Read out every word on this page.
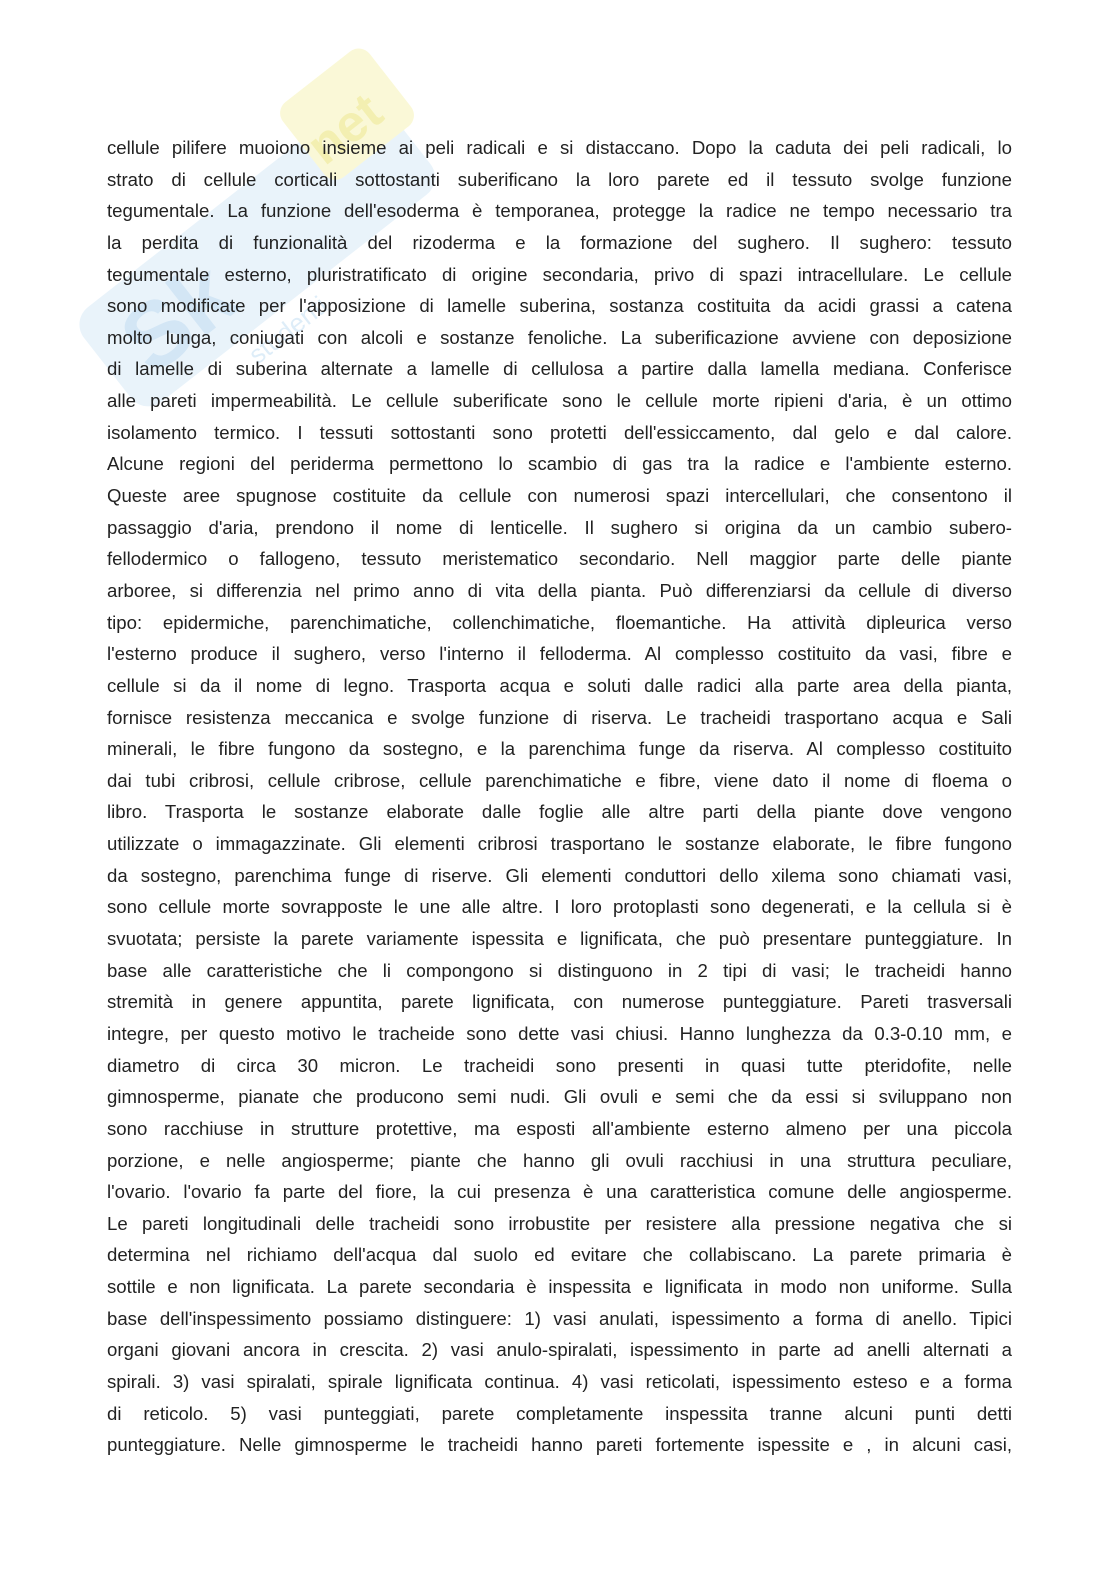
Sk
net
studenti
cellule pilifere muoiono insieme ai peli radicali e si distaccano. Dopo la caduta dei peli radicali, lo
strato di cellule corticali sottostanti suberificano la loro parete ed il tessuto svolge funzione
tegumentale. La funzione dell'esoderma è temporanea, protegge la radice ne tempo necessario tra
la perdita di funzionalità del rizoderma e la formazione del sughero. Il sughero: tessuto
tegumentale esterno, pluristratificato di origine secondaria, privo di spazi intracellulare. Le cellule
sono modificate per l'apposizione di lamelle suberina, sostanza costituita da acidi grassi a catena
molto lunga, coniugati con alcoli e sostanze fenoliche. La suberificazione avviene con deposizione
di lamelle di suberina alternate a lamelle di cellulosa a partire dalla lamella mediana. Conferisce
alle pareti impermeabilità. Le cellule suberificate sono le cellule morte ripieni d'aria, è un ottimo
isolamento termico. I tessuti sottostanti sono protetti dell'essiccamento, dal gelo e dal calore.
Alcune regioni del periderma permettono lo scambio di gas tra la radice e l'ambiente esterno.
Queste aree spugnose costituite da cellule con numerosi spazi intercellulari, che consentono il
passaggio d'aria, prendono il nome di lenticelle. Il sughero si origina da un cambio subero-
fellodermico o fallogeno, tessuto meristematico secondario. Nell maggior parte delle piante
arboree, si differenzia nel primo anno di vita della pianta. Può differenziarsi da cellule di diverso
tipo: epidermiche, parenchimatiche, collenchimatiche, floemantiche. Ha attività dipleurica verso
l'esterno produce il sughero, verso l'interno il felloderma. Al complesso costituito da vasi, fibre e
cellule si da il nome di legno. Trasporta acqua e soluti dalle radici alla parte area della pianta,
fornisce resistenza meccanica e svolge funzione di riserva. Le tracheidi trasportano acqua e Sali
minerali, le fibre fungono da sostegno, e la parenchima funge da riserva. Al complesso costituito
dai tubi cribrosi, cellule cribrose, cellule parenchimatiche e fibre, viene dato il nome di floema o
libro. Trasporta le sostanze elaborate dalle foglie alle altre parti della piante dove vengono
utilizzate o immagazzinate. Gli elementi cribrosi trasportano le sostanze elaborate, le fibre fungono
da sostegno, parenchima funge di riserve. Gli elementi conduttori dello xilema sono chiamati vasi,
sono cellule morte sovrapposte le une alle altre. I loro protoplasti sono degenerati, e la cellula si è
svuotata; persiste la parete variamente ispessita e lignificata, che può presentare punteggiature. In
base alle caratteristiche che li compongono si distinguono in 2 tipi di vasi; le tracheidi hanno
stremità in genere appuntita, parete lignificata, con numerose punteggiature. Pareti trasversali
integre, per questo motivo le tracheide sono dette vasi chiusi. Hanno lunghezza da 0.3-0.10 mm, e
diametro di circa 30 micron. Le tracheidi sono presenti in quasi tutte pteridofite, nelle
gimnosperme, pianate che producono semi nudi. Gli ovuli e semi che da essi si sviluppano non
sono racchiuse in strutture protettive, ma esposti all'ambiente esterno almeno per una piccola
porzione, e nelle angiosperme; piante che hanno gli ovuli racchiusi in una struttura peculiare,
l'ovario. l'ovario fa parte del fiore, la cui presenza è una caratteristica comune delle angiosperme.
Le pareti longitudinali delle tracheidi sono irrobustite per resistere alla pressione negativa che si
determina nel richiamo dell'acqua dal suolo ed evitare che collabiscano. La parete primaria è
sottile e non lignificata. La parete secondaria è inspessita e lignificata in modo non uniforme. Sulla
base dell'inspessimento possiamo distinguere: 1) vasi anulati, ispessimento a forma di anello. Tipici
organi giovani ancora in crescita. 2) vasi anulo-spiralati, ispessimento in parte ad anelli alternati a
spirali. 3) vasi spiralati, spirale lignificata continua. 4) vasi reticolati, ispessimento esteso e a forma
di reticolo. 5) vasi punteggiati, parete completamente inspessita tranne alcuni punti detti
punteggiature. Nelle gimnosperme le tracheidi hanno pareti fortemente ispessite e , in alcuni casi,
